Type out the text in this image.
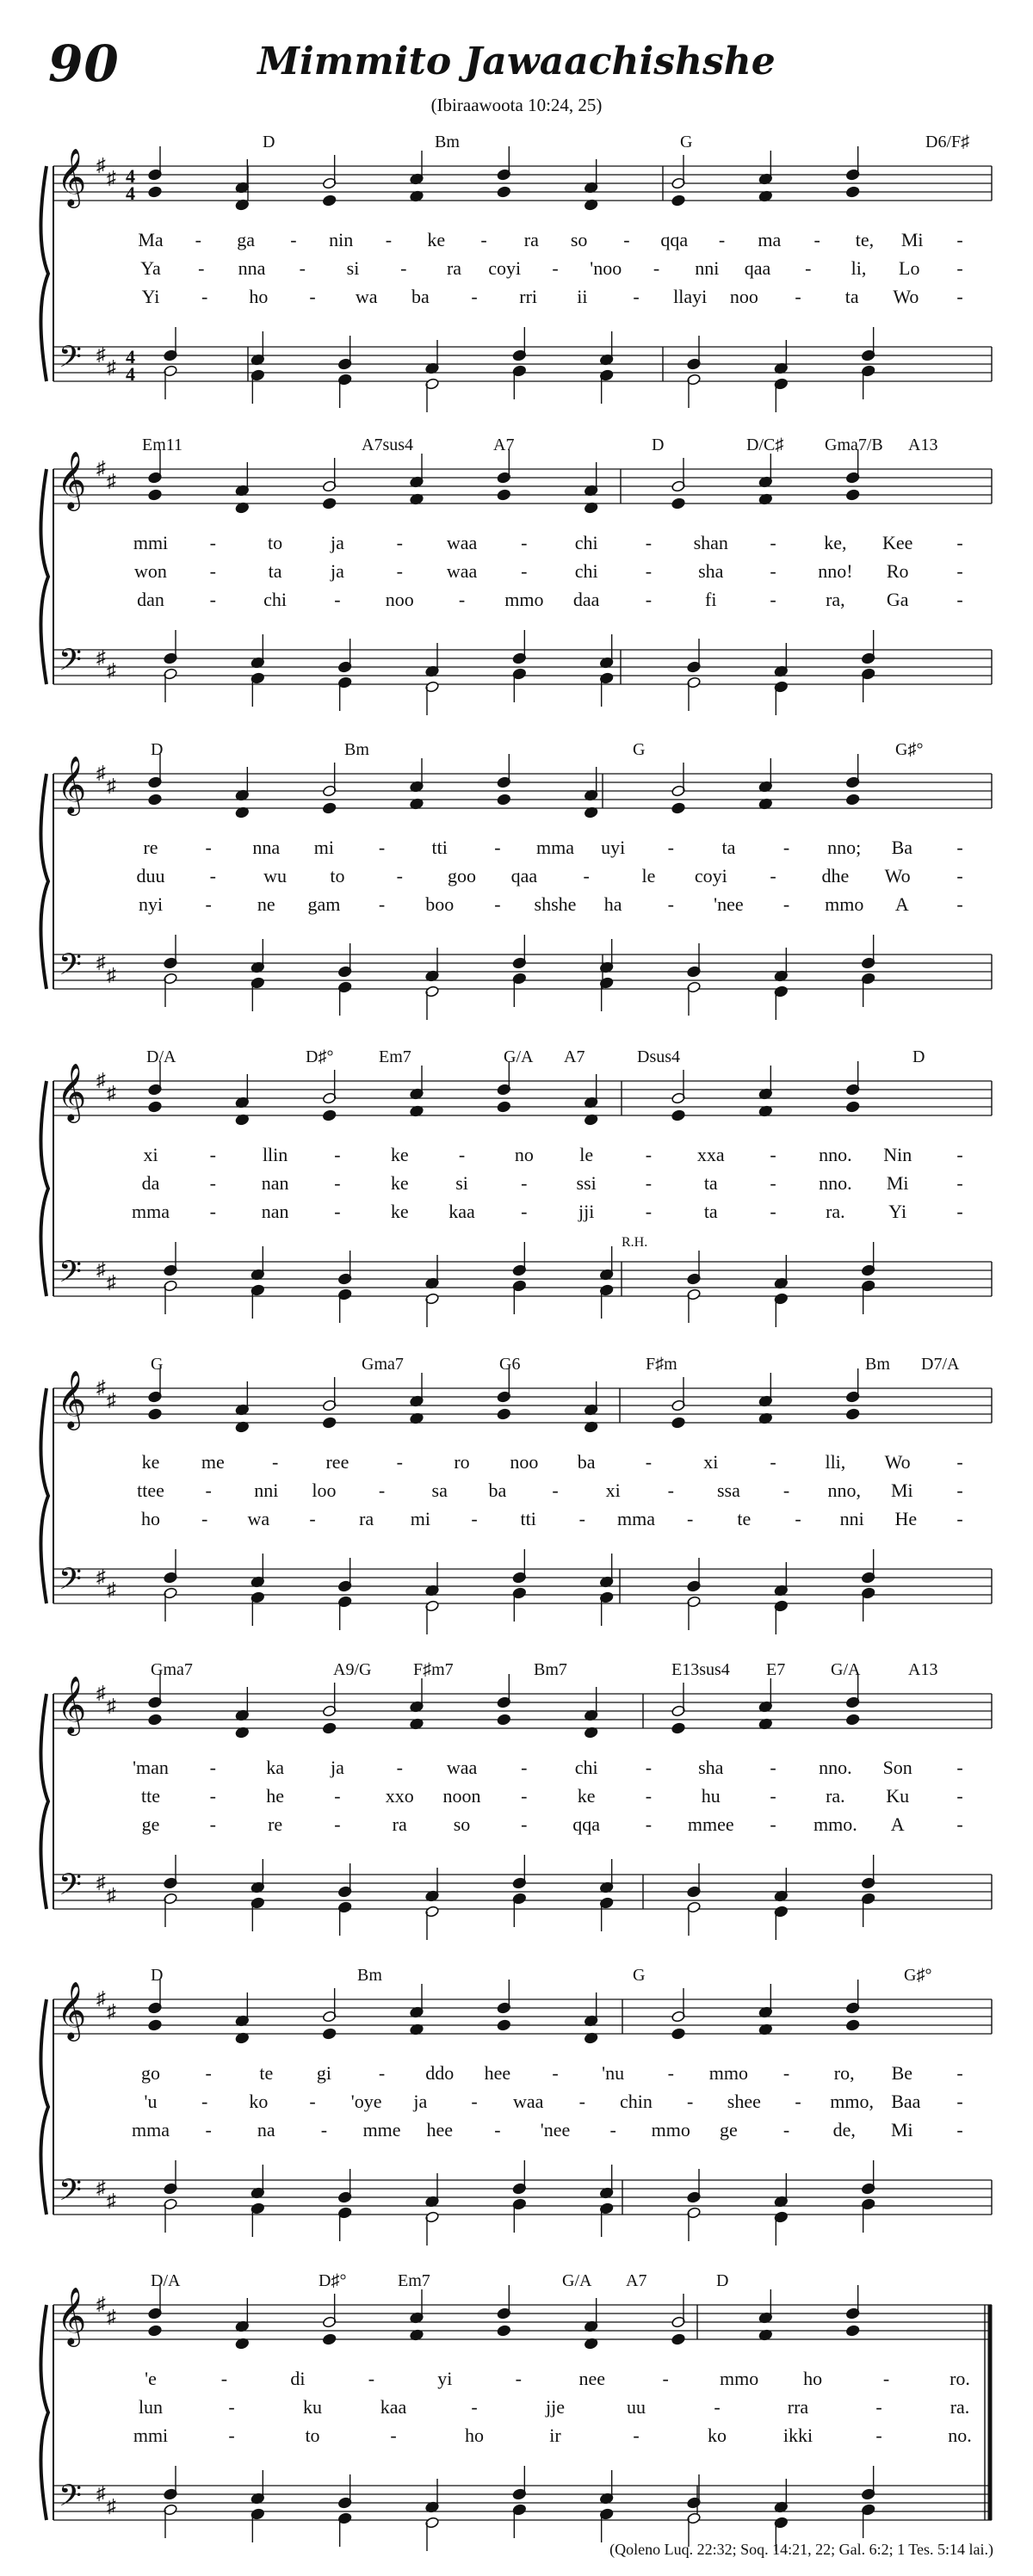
90	Mimmito Jawaachishshe
(Ibiraawoota 10:24, 25)
D	Bm	G	D6/F♯
𝄞
𝄢
♯
♯
♯
♯
4
4
4
4
Ma - ga - nin - ke - ra so - qqa - ma - te, Mi -
Ya - nna - si - ra coyi - 'noo - nni qaa - li, Lo -
Yi - ho - wa ba - rri ii - llayi noo - ta Wo -
Em11	A7sus4	A7	D	D/C♯ Gma7/B A13
𝄞
𝄢
♯
♯
♯
♯
mmi -	to	ja	- waa -	chi	- shan -	ke, Kee -
won -	ta	ja	- waa -	chi	- sha - nno! Ro	-
dan -	chi	- noo - mmo daa -	fi	-	ra, Ga	-
D	Bm	G	G♯°
𝄞
𝄢
♯
♯
♯
♯
re - nna mi - tti - mma uyi -	ta	- nno; Ba -
duu -	wu to	- goo qaa -	le coyi - dhe Wo -
nyi - ne gam - boo - shshe ha - 'nee - mmo A	-
D/A	D♯°	Em7	G/A A7	Dsus4	D
𝄞
𝄢
♯
♯
♯
♯
R.H.
xi	- llin -	ke	-	no le	- xxa - nno. Nin -
da	- nan -	ke si	-	ssi	-	ta	- nno. Mi	-
mma - nan -	ke kaa -	jji	-	ta	-	ra. Yi	-
G	Gma7	G6	F♯m	Bm D7/A
𝄞
𝄢
♯
♯
♯
♯
ke me	-	ree	-	ro noo ba	-	xi	-	lli, Wo -
ttee - nni loo - sa ba - xi - ssa - nno, Mi -
ho - wa - ra mi - tti - mma - te - nni He -
Gma7	A9/G F♯m7	Bm7	E13sus4 E7	G/A	A13
𝄞
𝄢
♯
♯
♯
♯
'man -	ka ja	- waa -	chi	- sha - nno. Son -
tte	-	he	- xxo noon -	ke	-	hu	-	ra. Ku	-
ge	-	re	-	ra so	- qqa - mmee - mmo. A	-
D	Bm	G	G♯°
𝄞
𝄢
♯
♯
♯
♯
go -	te gi - ddo hee - 'nu - mmo - ro, Be -
'u - ko - 'oye ja - waa - chin - shee - mmo, Baa -
mma - na - mme hee - 'nee - mmo ge - de, Mi -
D/A	D♯°	Em7	G/A A7	D
𝄞
𝄢
♯
♯
♯
♯
'e	-	di	-	yi	-	nee	-	mmo ho	-	ro.
lun	-	ku	kaa	-	jje	uu	-	rra	-	ra.
mmi	-	to	-	ho	ir	-	ko	ikki	-	no.
(Qoleno Luq. 22:32; Soq. 14:21, 22; Gal. 6:2; 1 Tes. 5:14 lai.)
